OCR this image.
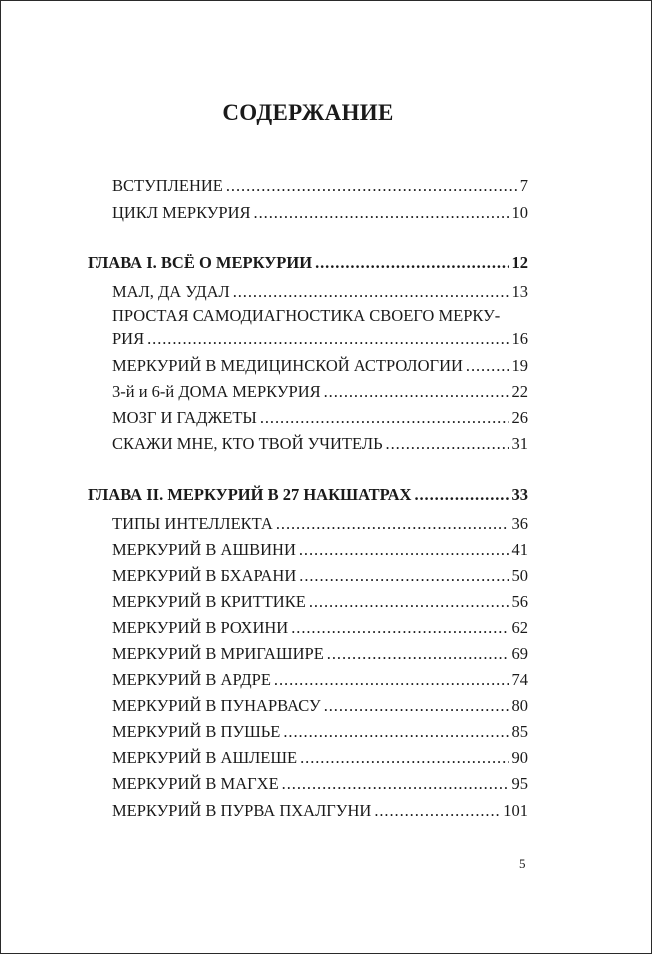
СОДЕРЖАНИЕ
ВСТУПЛЕНИЕ . . .	7
ЦИКЛ МЕРКУРИЯ . . .	10
ГЛАВА I. ВСЁ О МЕРКУРИИ . . .	12
МАЛ, ДА УДАЛ . . .	13
ПРОСТАЯ САМОДИАГНОСТИКА СВОЕГО МЕРКУ-
РИЯ . . .	16
МЕРКУРИЙ В МЕДИЦИНСКОЙ АСТРОЛОГИИ . . .	19
3-й и 6-й ДОМА МЕРКУРИЯ . . .	22
МОЗГ И ГАДЖЕТЫ . . .	26
СКАЖИ МНЕ, КТО ТВОЙ УЧИТЕЛЬ . . .	31
ГЛАВА II. МЕРКУРИЙ В 27 НАКШАТРАХ . . .	33
ТИПЫ ИНТЕЛЛЕКТА . . .	36
МЕРКУРИЙ В АШВИНИ . . .	41
МЕРКУРИЙ В БХАРАНИ . . .	50
МЕРКУРИЙ В КРИТТИКЕ . . .	56
МЕРКУРИЙ В РОХИНИ . . .	62
МЕРКУРИЙ В МРИГАШИРЕ . . .	69
МЕРКУРИЙ В АРДРЕ . . .	74
МЕРКУРИЙ В ПУНАРВАСУ . . .	80
МЕРКУРИЙ В ПУШЬЕ . . .	85
МЕРКУРИЙ В АШЛЕШЕ . . .	90
МЕРКУРИЙ В МАГХЕ . . .	95
МЕРКУРИЙ В ПУРВА ПХАЛГУНИ . . .	101
5
